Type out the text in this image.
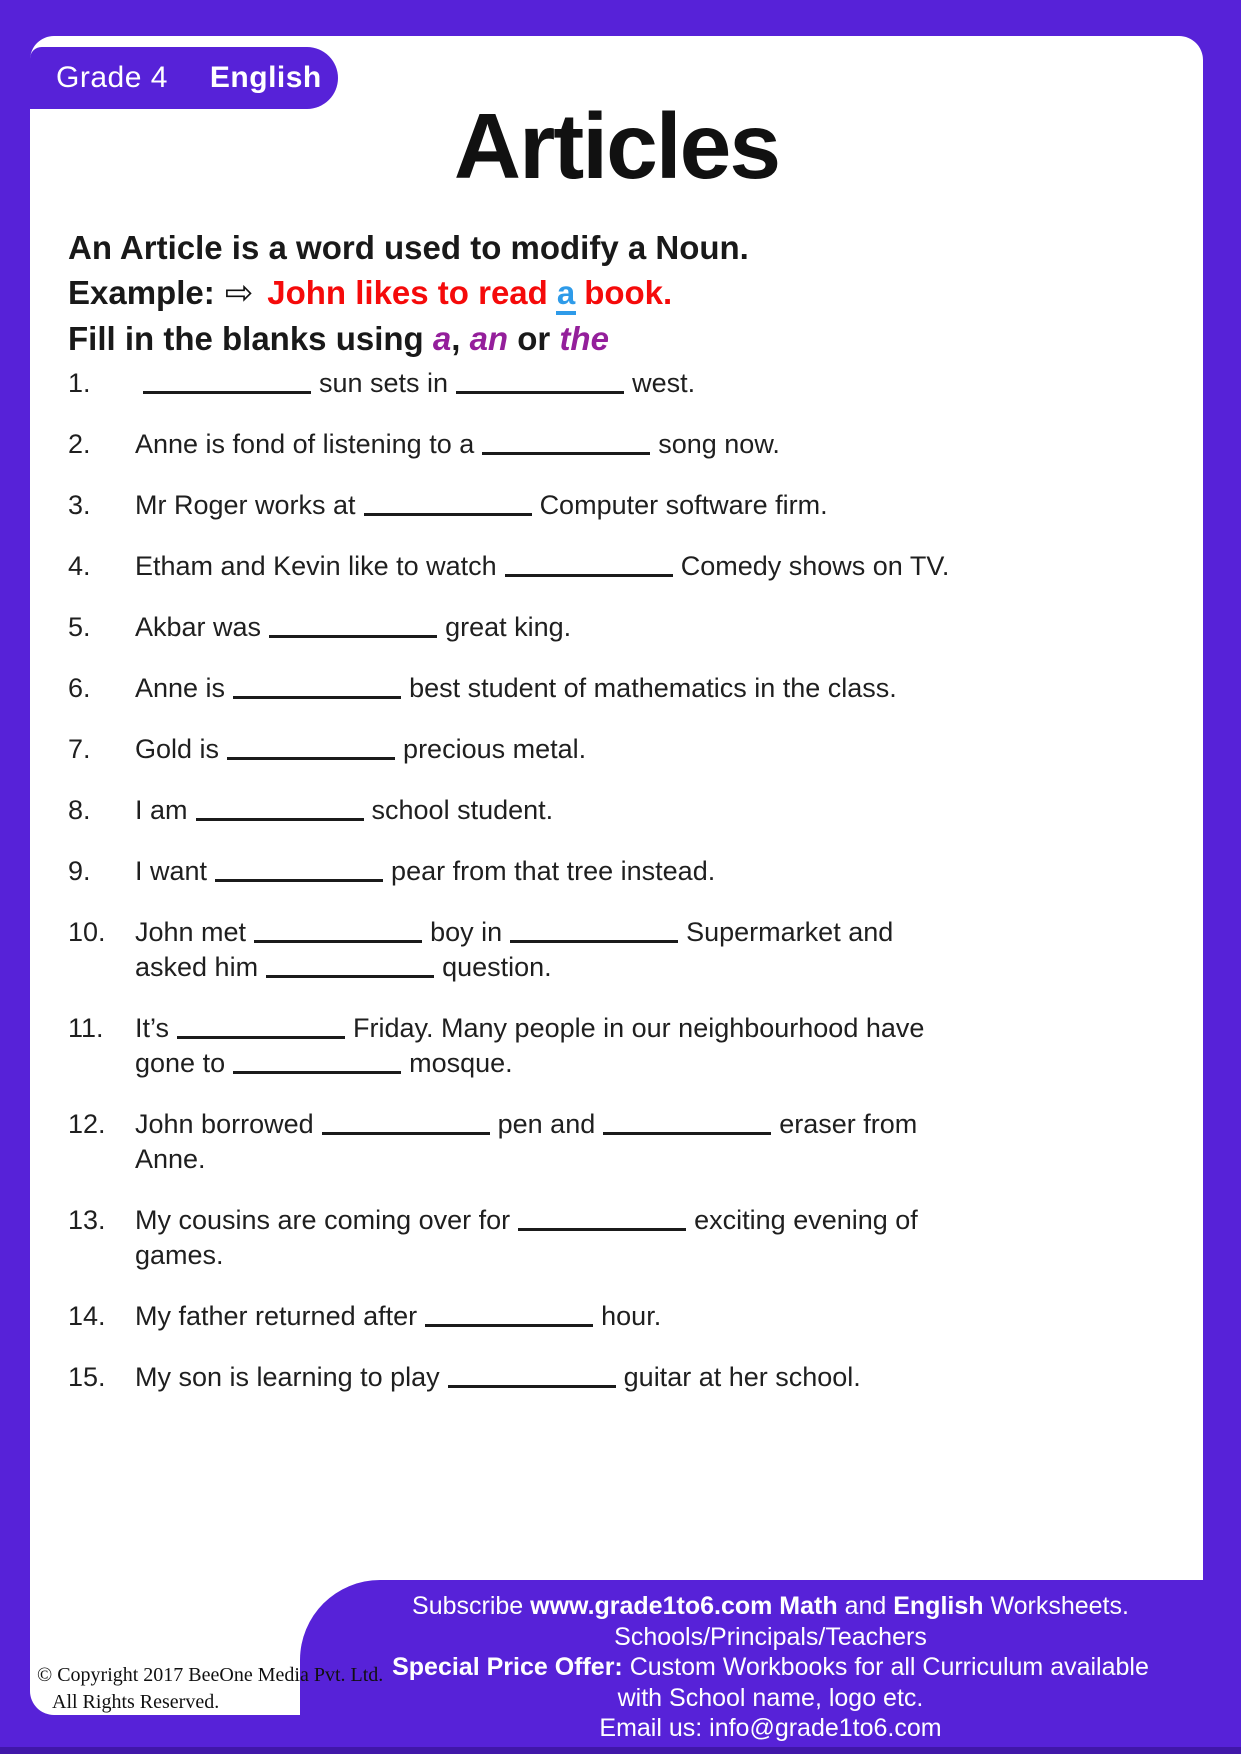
Grade 4 English
Articles
An Article is a word used to modify a Noun.
Example: ⇨ John likes to read a book.
Fill in the blanks using a, an or the
1.	sun sets in	west.
2.	Anne is fond of listening to a	song now.
3.	Mr Roger works at	Computer software firm.
4.	Etham and Kevin like to watch	Comedy shows on TV.
5.	Akbar was	great king.
6.	Anne is	best student of mathematics in the class.
7.	Gold is	precious metal.
8.	I am	school student.
9.	I want	pear from that tree instead.
10.	John met	boy in	Supermarket and
asked him	question.
11.	It’s	Friday. Many people in our neighbourhood have
gone to	mosque.
12.	John borrowed	pen and	eraser from
Anne.
13.	My cousins are coming over for	exciting evening of
games.
14.	My father returned after	hour.
15.	My son is learning to play	guitar at her school.
Subscribe www.grade1to6.com Math and English Worksheets.
Schools/Principals/Teachers
Special Price Offer: Custom Workbooks for all Curriculum available
with School name, logo etc.
Email us: info@grade1to6.com
© Copyright 2017 BeeOne Media Pvt. Ltd.
All Rights Reserved.
